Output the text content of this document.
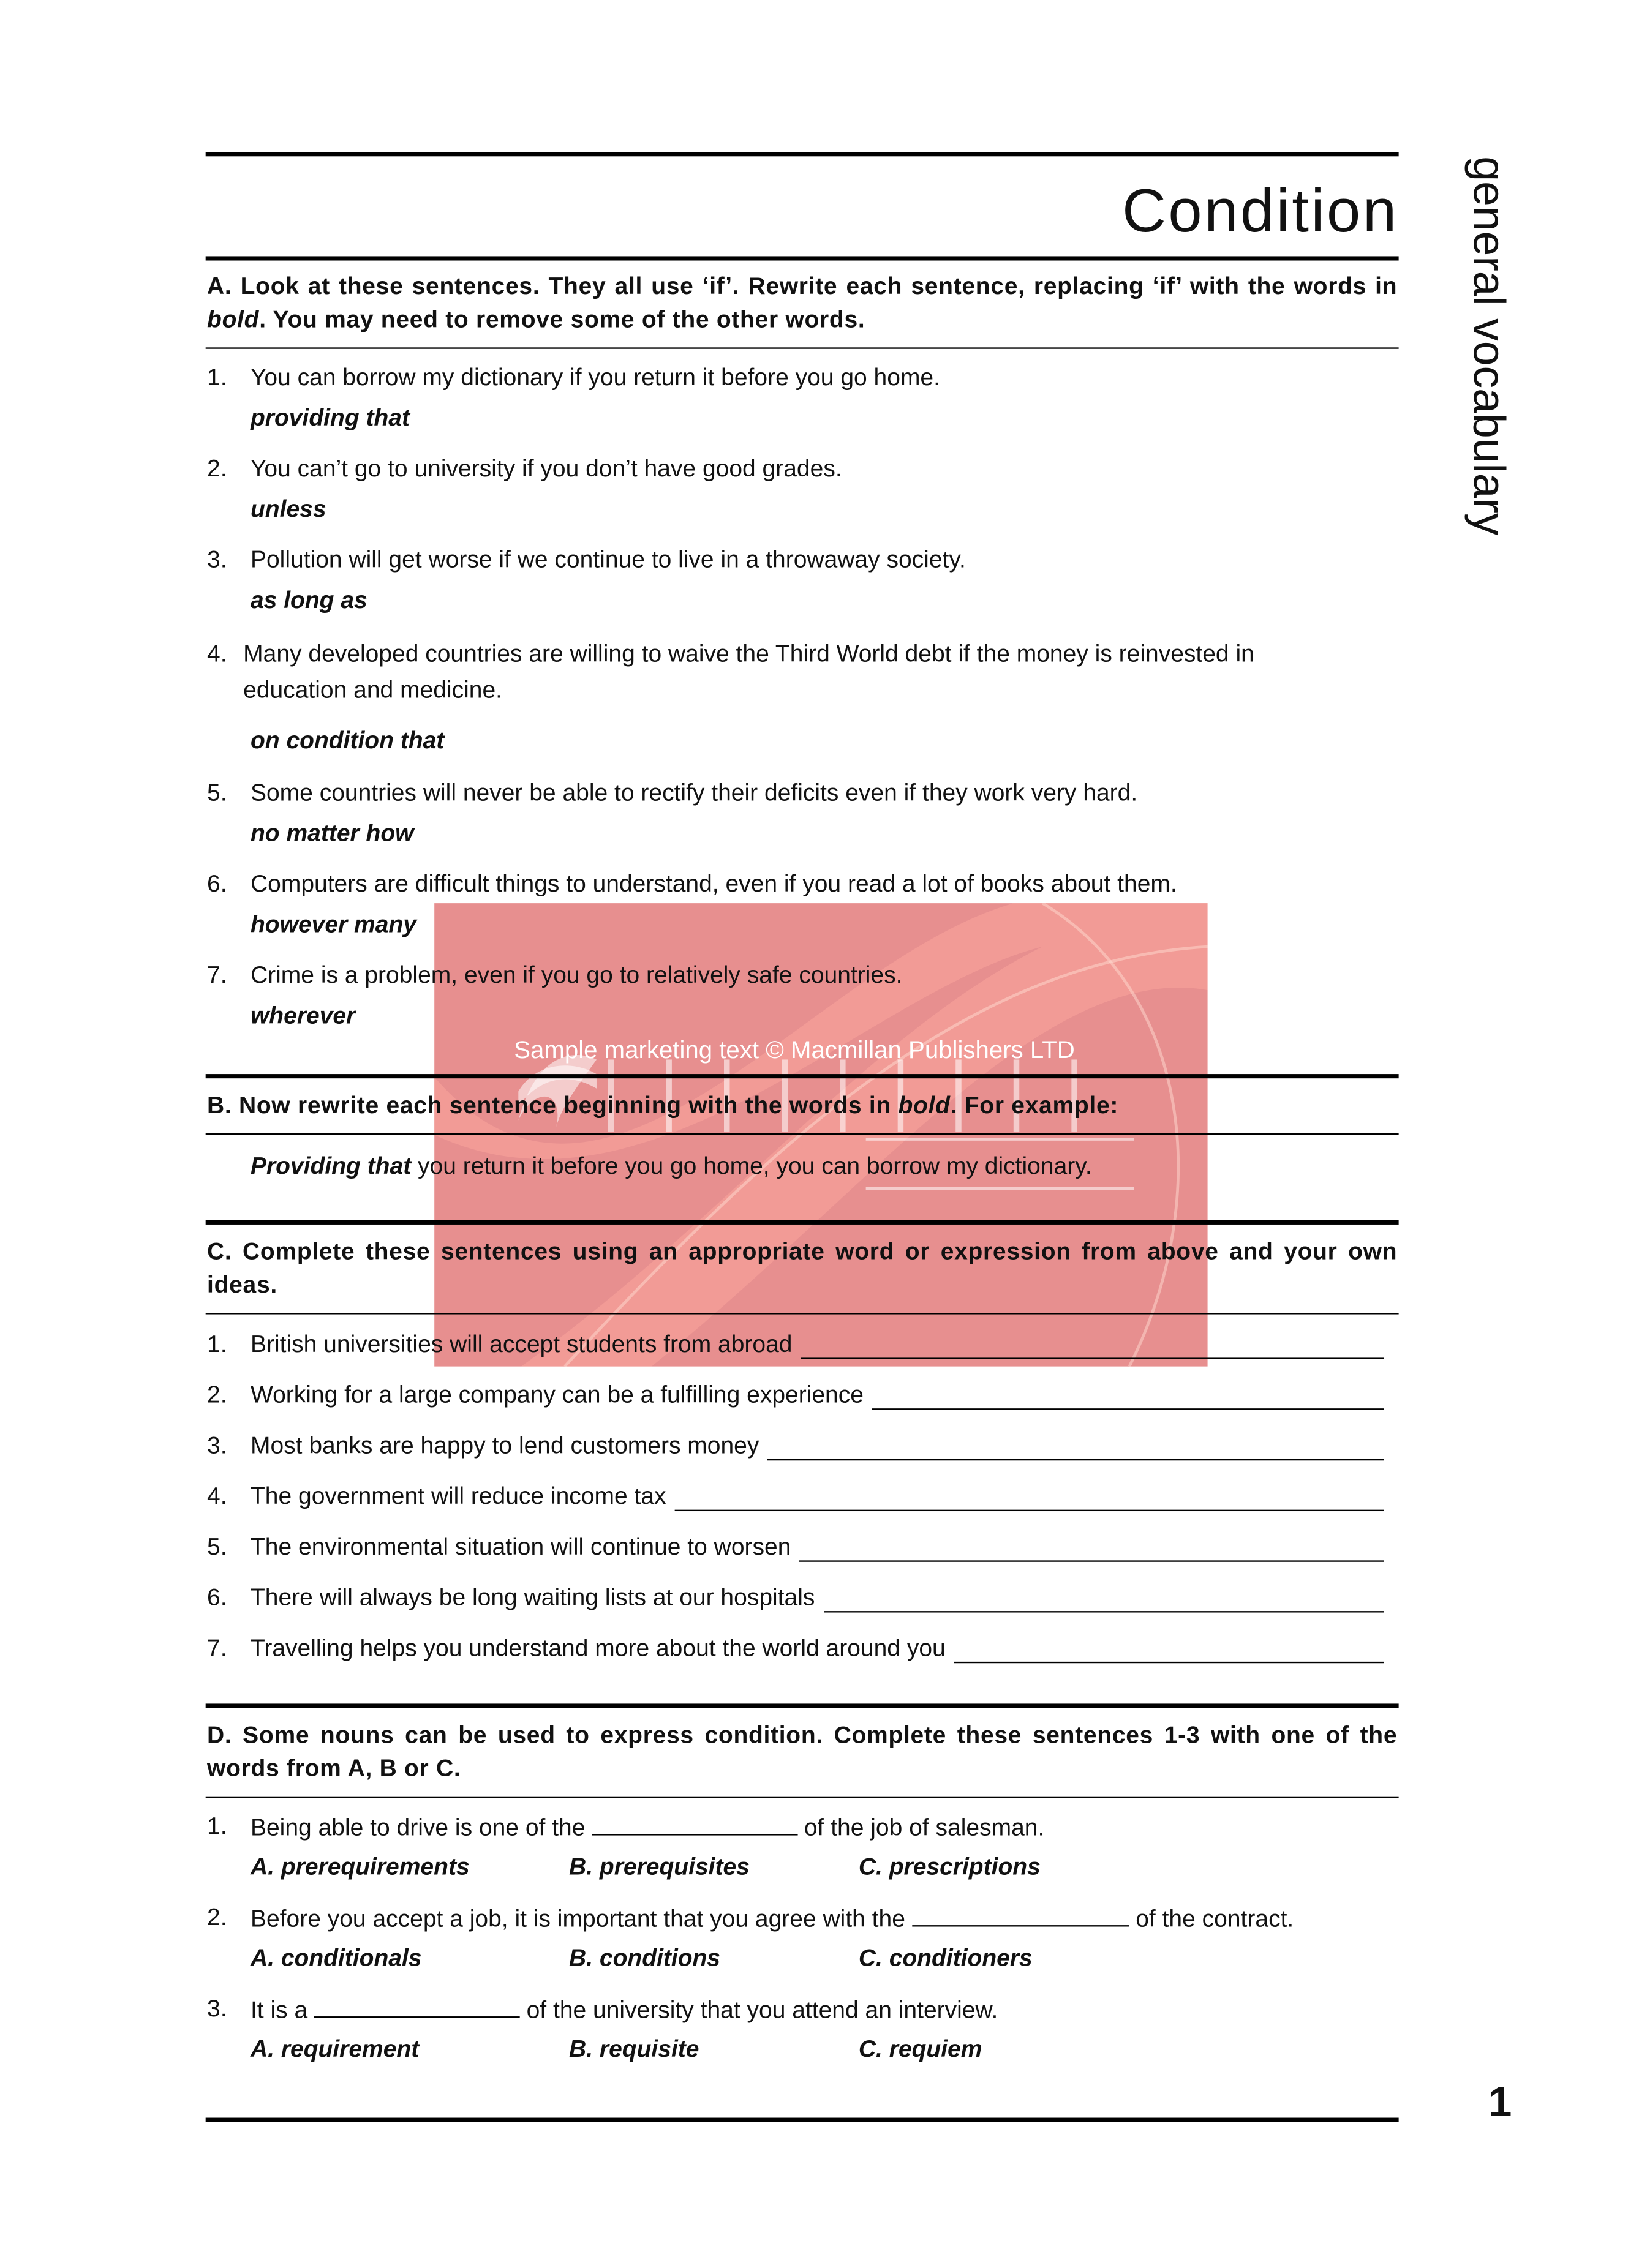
Sample marketing text © Macmillan Publishers LTD
Condition	general vocabulary
A. Look at these sentences. They all use ‘if’. Rewrite each sentence, replacing ‘if’ with the words in bold. You may need to remove some of the other words.
1. You can borrow my dictionary if you return it before you go home.
providing that
2. You can’t go to university if you don’t have good grades.
unless
3. Pollution will get worse if we continue to live in a throwaway society.
as long as
4. Many developed countries are willing to waive the Third World debt if the money is reinvested in
education and medicine.
on condition that
5. Some countries will never be able to rectify their deficits even if they work very hard.
no matter how
6. Computers are difficult things to understand, even if you read a lot of books about them.
however many
7. Crime is a problem, even if you go to relatively safe countries.
wherever
B. Now rewrite each sentence beginning with the words in bold. For example:
Providing that you return it before you go home, you can borrow my dictionary.
C. Complete these sentences using an appropriate word or expression from above and your own ideas.
1.	British universities will accept students from abroad
2.	Working for a large company can be a fulfilling experience
3.	Most banks are happy to lend customers money
4.	The government will reduce income tax
5.	The environmental situation will continue to worsen
6.	There will always be long waiting lists at our hospitals
7.	Travelling helps you understand more about the world around you
D. Some nouns can be used to express condition. Complete these sentences 1-3 with one of the words from A, B or C.
1. Being able to drive is one of the	of the job of salesman.
A. prerequirements	B. prerequisites	C. prescriptions
2. Before you accept a job, it is important that you agree with the	of the contract.
A. conditionals	B. conditions	C. conditioners
3. It is a	of the university that you attend an interview.
A. requirement	B. requisite	C. requiem
1
